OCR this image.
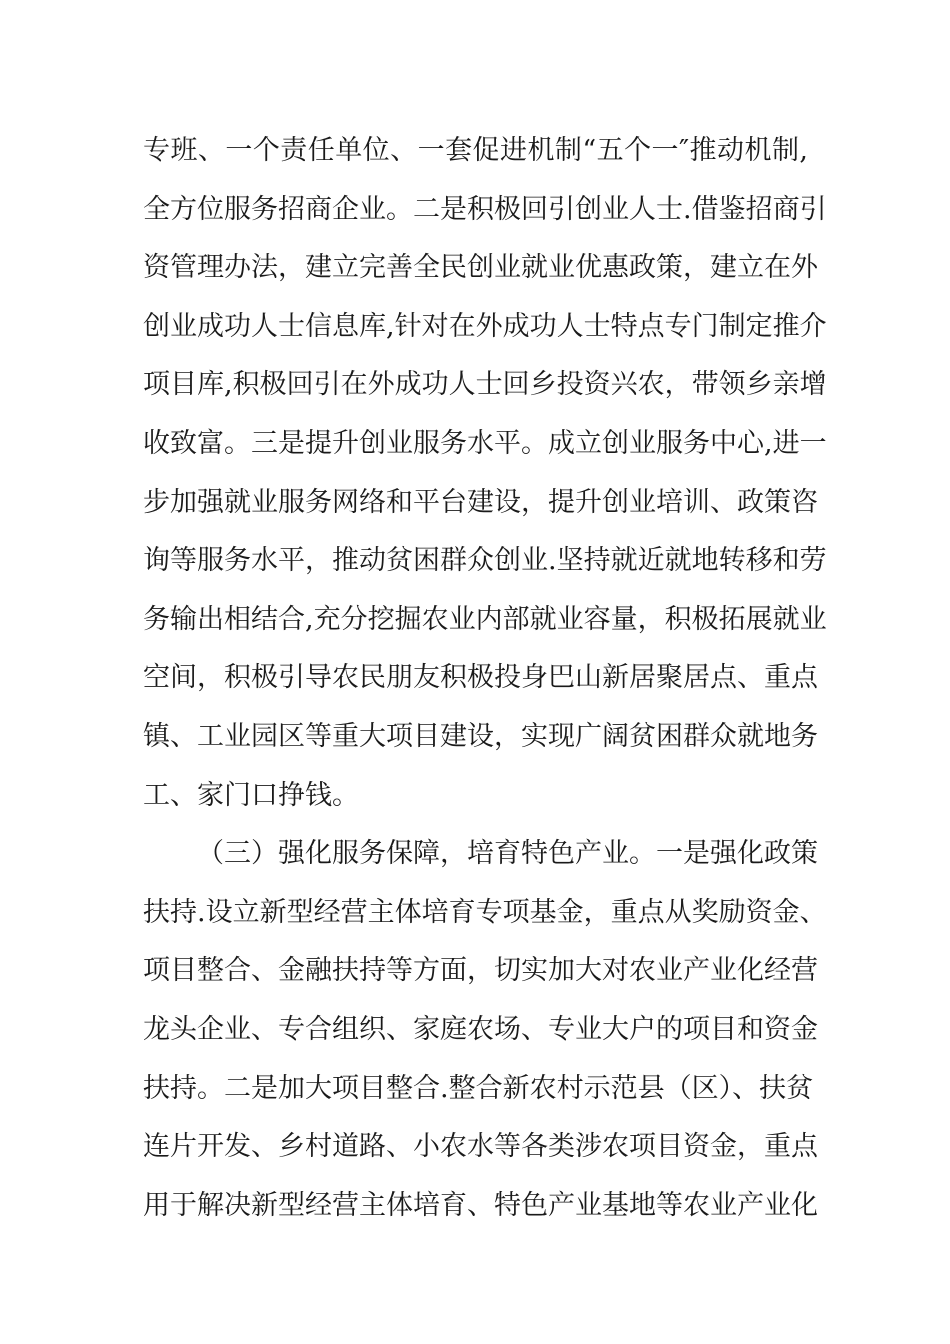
专班、一个责任单位、一套促进机制“五个一″推动机制,
全方位服务招商企业。二是积极回引创业人士.借鉴招商引
资管理办法，建立完善全民创业就业优惠政策，建立在外
创业成功人士信息库,针对在外成功人士特点专门制定推介
项目库,积极回引在外成功人士回乡投资兴农，带领乡亲增
收致富。三是提升创业服务水平。成立创业服务中心,进一
步加强就业服务网络和平台建设，提升创业培训、政策咨
询等服务水平，推动贫困群众创业.坚持就近就地转移和劳
务输出相结合,充分挖掘农业内部就业容量，积极拓展就业
空间，积极引导农民朋友积极投身巴山新居聚居点、重点
镇、工业园区等重大项目建设，实现广阔贫困群众就地务
工、家门口挣钱。
（三）强化服务保障，培育特色产业。一是强化政策
扶持.设立新型经营主体培育专项基金，重点从奖励资金、
项目整合、金融扶持等方面，切实加大对农业产业化经营
龙头企业、专合组织、家庭农场、专业大户的项目和资金
扶持。二是加大项目整合.整合新农村示范县（区）、扶贫
连片开发、乡村道路、小农水等各类涉农项目资金，重点
用于解决新型经营主体培育、特色产业基地等农业产业化
